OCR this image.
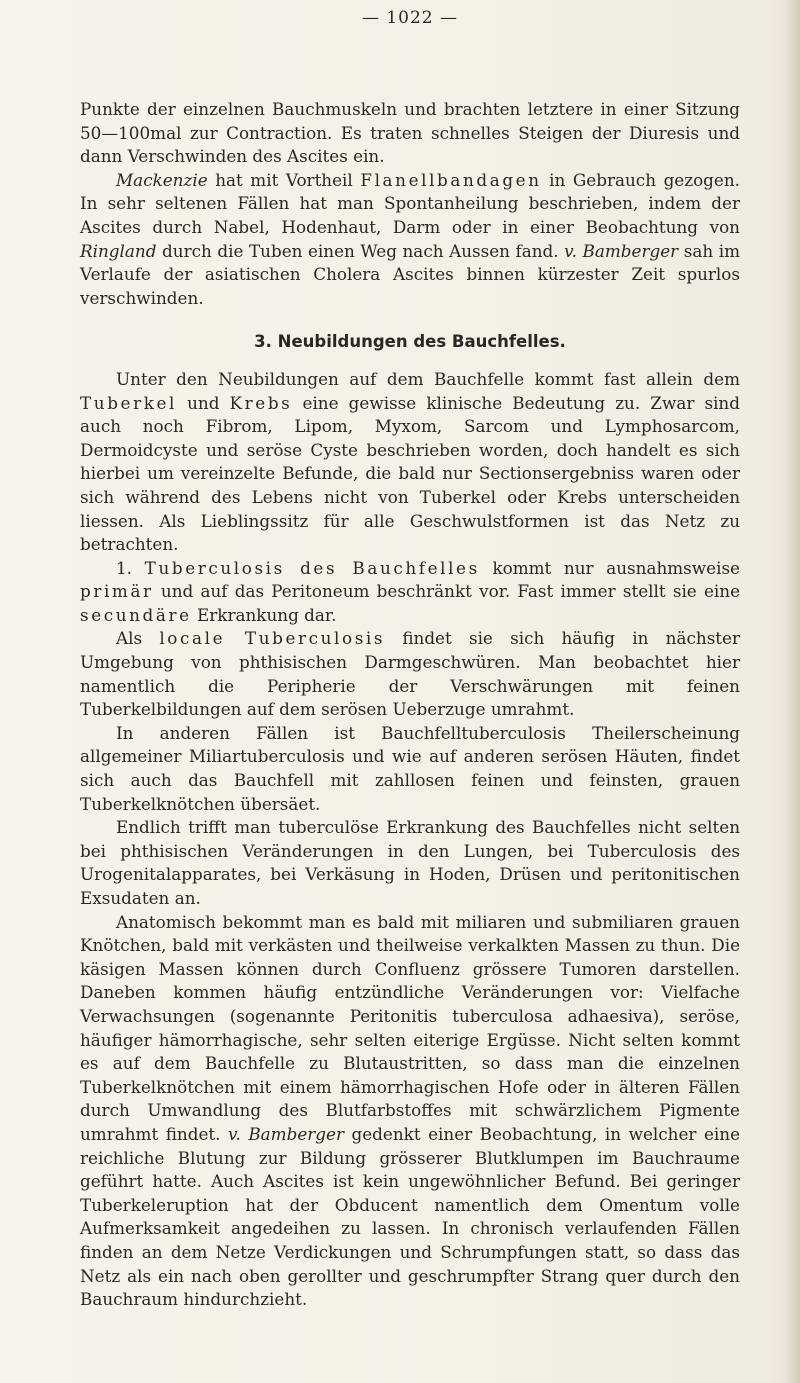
— 1022 —

Punkte der einzelnen Bauchmuskeln und brachten letztere in einer Sitzung 50—100mal zur Contraction. Es traten schnelles Steigen der Diuresis und dann Verschwinden des Ascites ein.

Mackenzie hat mit Vortheil Flanellbandagen in Gebrauch gezogen. In sehr seltenen Fällen hat man Spontanheilung beschrieben, indem der Ascites durch Nabel, Hodenhaut, Darm oder in einer Beobachtung von Ringland durch die Tuben einen Weg nach Aussen fand. v. Bamberger sah im Verlaufe der asiatischen Cholera Ascites binnen kürzester Zeit spurlos verschwinden.

3. Neubildungen des Bauchfelles.

Unter den Neubildungen auf dem Bauchfelle kommt fast allein dem Tuberkel und Krebs eine gewisse klinische Bedeutung zu. Zwar sind auch noch Fibrom, Lipom, Myxom, Sarcom und Lymphosarcom, Dermoidcyste und seröse Cyste beschrieben worden, doch handelt es sich hierbei um vereinzelte Befunde, die bald nur Sectionsergebniss waren oder sich während des Lebens nicht von Tuberkel oder Krebs unterscheiden liessen. Als Lieblingssitz für alle Geschwulstformen ist das Netz zu betrachten.

1. Tuberculosis des Bauchfelles kommt nur ausnahmsweise primär und auf das Peritoneum beschränkt vor. Fast immer stellt sie eine secundäre Erkrankung dar.

Als locale Tuberculosis findet sie sich häufig in nächster Umgebung von phthisischen Darmgeschwüren. Man beobachtet hier namentlich die Peripherie der Verschwärungen mit feinen Tuberkelbildungen auf dem serösen Ueberzuge umrahmt.

In anderen Fällen ist Bauchfelltuberculosis Theilerscheinung allgemeiner Miliartuberculosis und wie auf anderen serösen Häuten, findet sich auch das Bauchfell mit zahllosen feinen und feinsten, grauen Tuberkelknötchen übersäet.

Endlich trifft man tuberculöse Erkrankung des Bauchfelles nicht selten bei phthisischen Veränderungen in den Lungen, bei Tuberculosis des Urogenitalapparates, bei Verkäsung in Hoden, Drüsen und peritonitischen Exsudaten an.

Anatomisch bekommt man es bald mit miliaren und submiliaren grauen Knötchen, bald mit verkästen und theilweise verkalkten Massen zu thun. Die käsigen Massen können durch Confluenz grössere Tumoren darstellen. Daneben kommen häufig entzündliche Veränderungen vor: Vielfache Verwachsungen (sogenannte Peritonitis tuberculosa adhaesiva), seröse, häufiger hämorrhagische, sehr selten eiterige Ergüsse. Nicht selten kommt es auf dem Bauchfelle zu Blutaustritten, so dass man die einzelnen Tuberkelknötchen mit einem hämorrhagischen Hofe oder in älteren Fällen durch Umwandlung des Blutfarbstoffes mit schwärzlichem Pigmente umrahmt findet. v. Bamberger gedenkt einer Beobachtung, in welcher eine reichliche Blutung zur Bildung grösserer Blutklumpen im Bauchraume geführt hatte. Auch Ascites ist kein ungewöhnlicher Befund. Bei geringer Tuberkeleruption hat der Obducent namentlich dem Omentum volle Aufmerksamkeit angedeihen zu lassen. In chronisch verlaufenden Fällen finden an dem Netze Verdickungen und Schrumpfungen statt, so dass das Netz als ein nach oben gerollter und geschrumpfter Strang quer durch den Bauchraum hindurchzieht.
